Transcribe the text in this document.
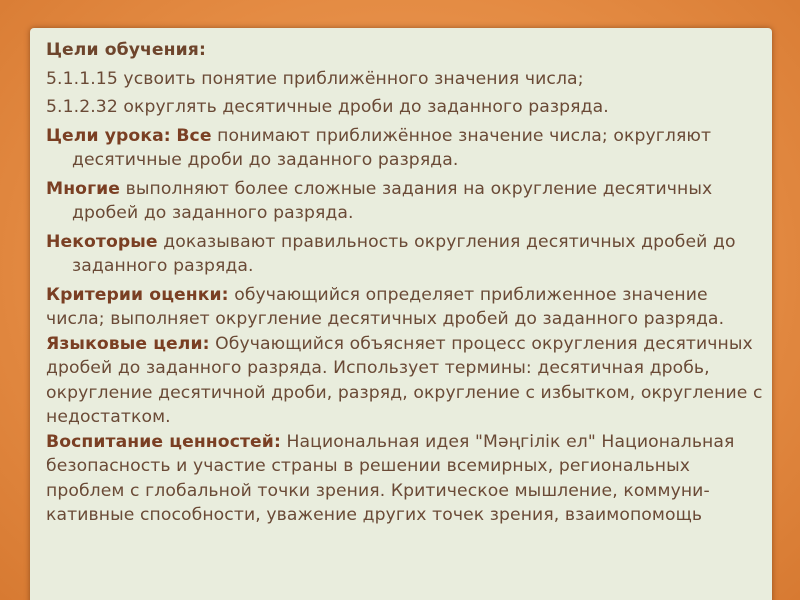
Цели обучения:

5.1.1.15 усвоить понятие приближённого значения числа;

5.1.2.32 округлять десятичные дроби до заданного разряда.

Цели урока: Все понимают приближённое значение числа; округляют десятичные дроби до заданного разряда.

Многие выполняют более сложные задания на округление десятичных дробей до заданного разряда.

Некоторые доказывают правильность округления десятичных дробей до заданного разряда.

Критерии оценки: обучающийся определяет приближенное значение числа; выполняет округление десятичных дробей до заданного разряда.

Языковые цели: Обучающийся объясняет процесс округления десятичных дробей до заданного разряда. Использует термины: десятичная дробь, округление десятичной дроби, разряд, округление с избытком, округление с недостатком.

Воспитание ценностей: Национальная идея "Мәңгілік ел" Национальная безопасность и участие страны в решении всемирных, региональных проблем с глобальной точки зрения. Критическое мышление, коммуни-кативные способности, уважение других точек зрения, взаимопомощь
